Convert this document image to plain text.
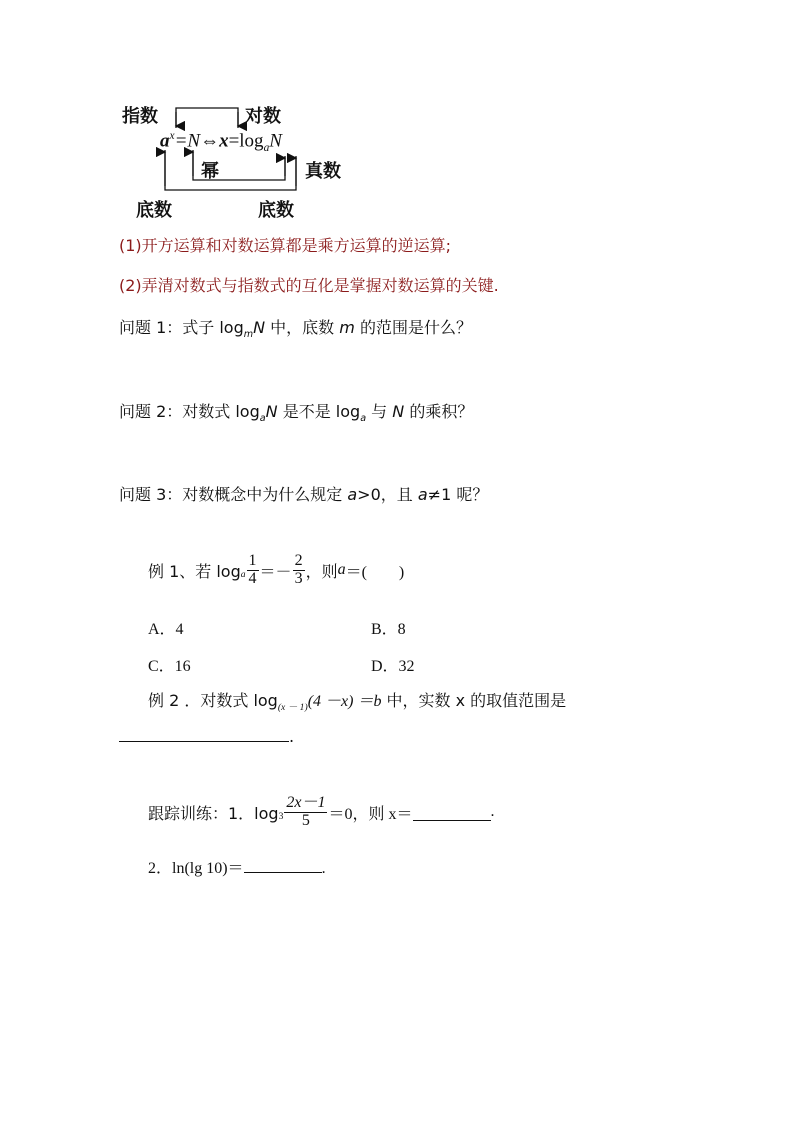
指数	对数
$a^x=N\Leftrightarrow x=\log_aN$
幂	真数
底数	底数
(1)开方运算和对数运算都是乘方运算的逆运算;
(2)弄清对数式与指数式的互化是掌握对数运算的关键.
问题 1：式子 $\log_mN$ 中，底数 m 的范围是什么？
问题 2：对数式 $\log_aN$ 是不是 $\log_a$ 与 N 的乘积？
问题 3：对数概念中为什么规定 a>0，且 a≠1 呢？
例 1、若 $\log_a \frac{1}{4} =- \frac{2}{3}$ ，则 a ＝(　　)
A．4	B．8
C．16	D．32
例 2 ．对数式 $\log_{(x - 1)}(4 -x) =b$ 中，实数 x 的取值范围是
.
跟踪训练：1．$\log_3 \frac{2x-1}{5} =0$，则 x＝	.
2．ln(lg 10)＝	.
